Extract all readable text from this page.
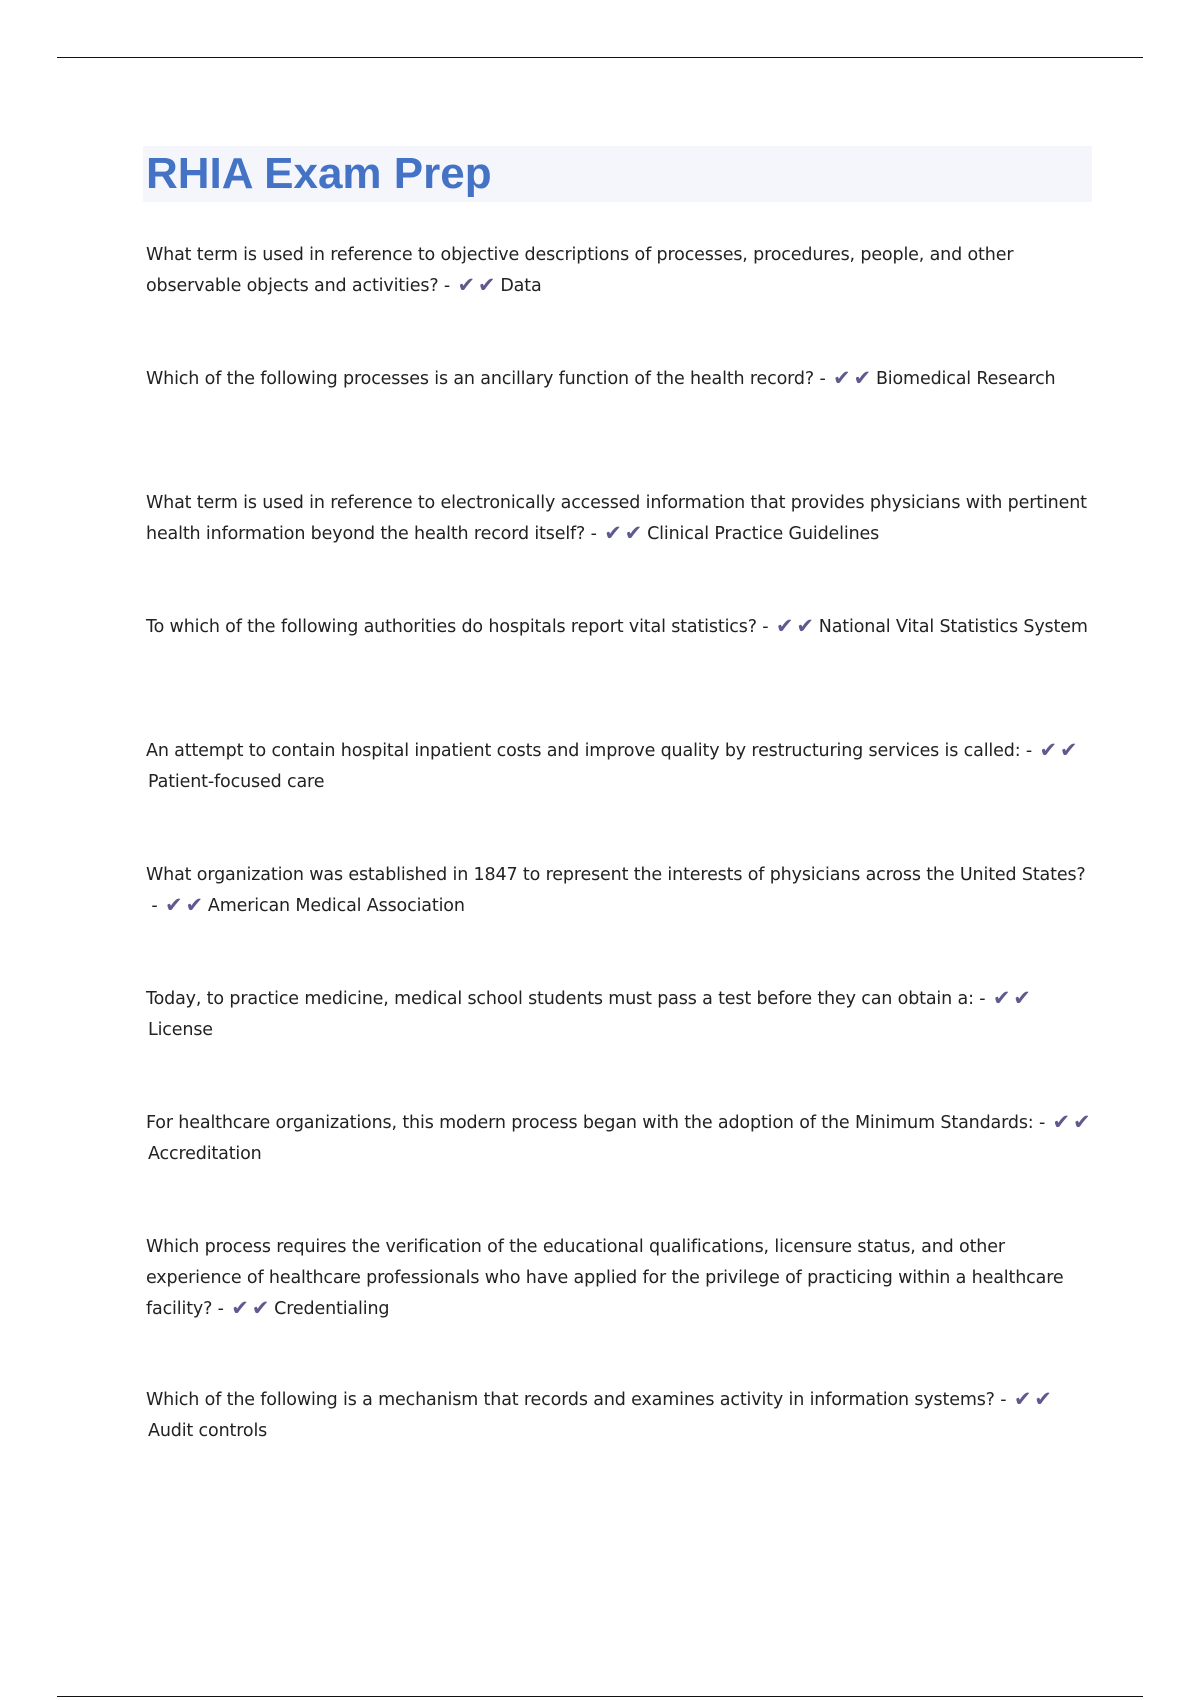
RHIA Exam Prep

What term is used in reference to objective descriptions of processes, procedures, people, and other observable objects and activities? - ✔ ✔ Data

Which of the following processes is an ancillary function of the health record? - ✔ ✔ Biomedical Research

What term is used in reference to electronically accessed information that provides physicians with pertinent health information beyond the health record itself? - ✔ ✔ Clinical Practice Guidelines

To which of the following authorities do hospitals report vital statistics? - ✔ ✔ National Vital Statistics System

An attempt to contain hospital inpatient costs and improve quality by restructuring services is called: - ✔ ✔Patient-focused care

What organization was established in 1847 to represent the interests of physicians across the United States? - ✔ ✔ American Medical Association

Today, to practice medicine, medical school students must pass a test before they can obtain a: - ✔ ✔License

For healthcare organizations, this modern process began with the adoption of the Minimum Standards: - ✔ ✔Accreditation

Which process requires the verification of the educational qualifications, licensure status, and other experience of healthcare professionals who have applied for the privilege of practicing within a healthcare facility? - ✔ ✔ Credentialing

Which of the following is a mechanism that records and examines activity in information systems? - ✔ ✔Audit controls
